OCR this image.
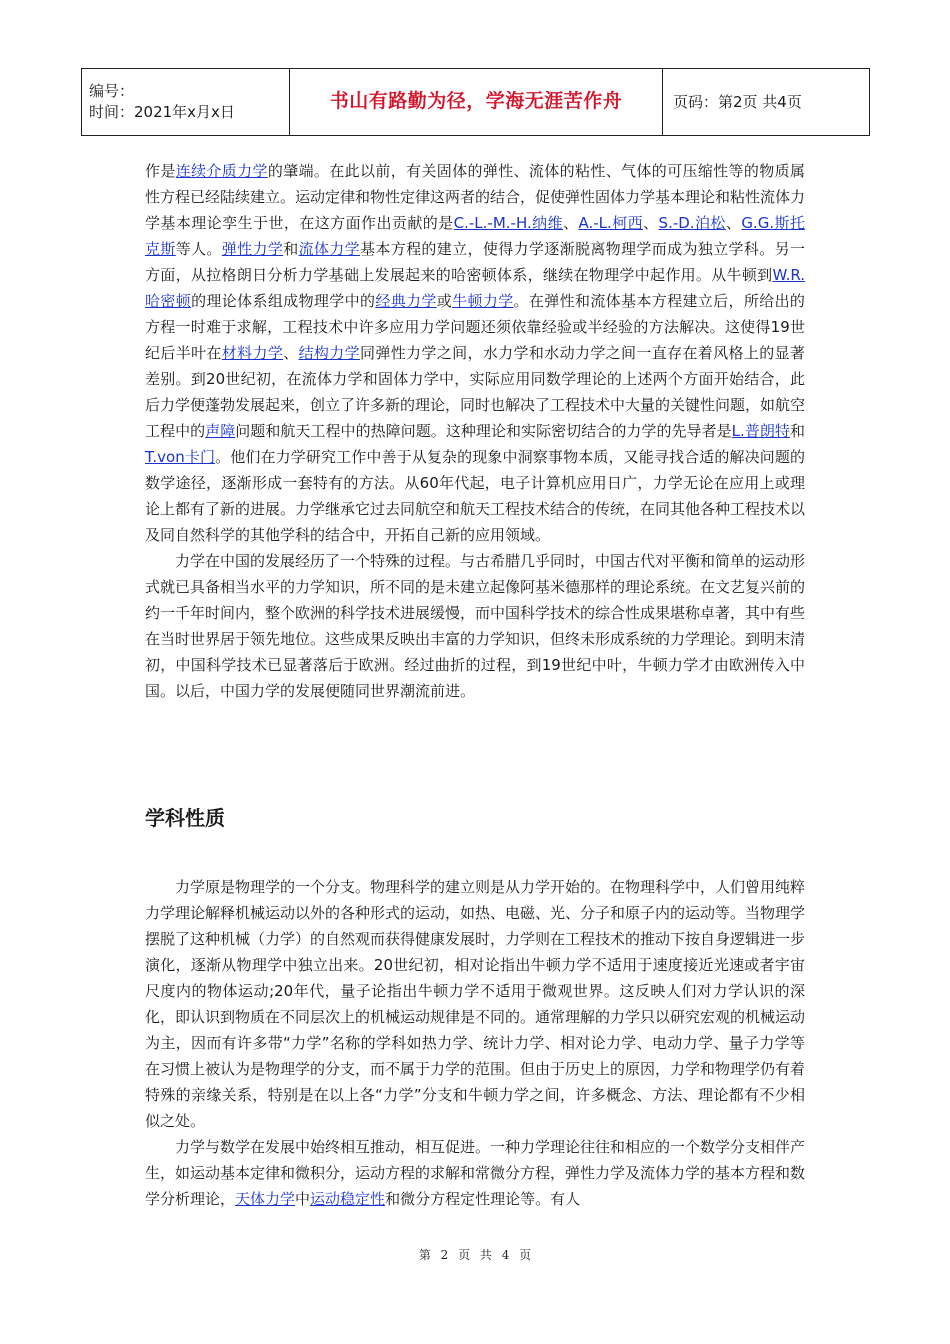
编号：
时间：2021年x月x日	书山有路勤为径，学海无涯苦作舟	页码：第2页 共4页

作是连续介质力学的肇端。在此以前，有关固体的弹性、流体的粘性、气体的可压缩性等的物质属性方程已经陆续建立。运动定律和物性定律这两者的结合，促使弹性固体力学基本理论和粘性流体力学基本理论孪生于世，在这方面作出贡献的是C.-L.-M.-H.纳维、A.-L.柯西、S.-D.泊松、G.G.斯托克斯等人。弹性力学和流体力学基本方程的建立，使得力学逐渐脱离物理学而成为独立学科。另一方面，从拉格朗日分析力学基础上发展起来的哈密顿体系，继续在物理学中起作用。从牛顿到W.R.哈密顿的理论体系组成物理学中的经典力学或牛顿力学。在弹性和流体基本方程建立后，所给出的方程一时难于求解，工程技术中许多应用力学问题还须依靠经验或半经验的方法解决。这使得19世纪后半叶在材料力学、结构力学同弹性力学之间，水力学和水动力学之间一直存在着风格上的显著差别。到20世纪初，在流体力学和固体力学中，实际应用同数学理论的上述两个方面开始结合，此后力学便蓬勃发展起来，创立了许多新的理论，同时也解决了工程技术中大量的关键性问题，如航空工程中的声障问题和航天工程中的热障问题。这种理论和实际密切结合的力学的先导者是L.普朗特和T.von卡门。他们在力学研究工作中善于从复杂的现象中洞察事物本质，又能寻找合适的解决问题的数学途径，逐渐形成一套特有的方法。从60年代起，电子计算机应用日广，力学无论在应用上或理论上都有了新的进展。力学继承它过去同航空和航天工程技术结合的传统，在同其他各种工程技术以及同自然科学的其他学科的结合中，开拓自己新的应用领域。

力学在中国的发展经历了一个特殊的过程。与古希腊几乎同时，中国古代对平衡和简单的运动形式就已具备相当水平的力学知识，所不同的是未建立起像阿基米德那样的理论系统。在文艺复兴前的约一千年时间内，整个欧洲的科学技术进展缓慢，而中国科学技术的综合性成果堪称卓著，其中有些在当时世界居于领先地位。这些成果反映出丰富的力学知识，但终未形成系统的力学理论。到明末清初，中国科学技术已显著落后于欧洲。经过曲折的过程，到19世纪中叶，牛顿力学才由欧洲传入中国。以后，中国力学的发展便随同世界潮流前进。

学科性质

力学原是物理学的一个分支。物理科学的建立则是从力学开始的。在物理科学中，人们曾用纯粹力学理论解释机械运动以外的各种形式的运动，如热、电磁、光、分子和原子内的运动等。当物理学摆脱了这种机械（力学）的自然观而获得健康发展时，力学则在工程技术的推动下按自身逻辑进一步演化，逐渐从物理学中独立出来。20世纪初，相对论指出牛顿力学不适用于速度接近光速或者宇宙尺度内的物体运动;20年代，量子论指出牛顿力学不适用于微观世界。这反映人们对力学认识的深化，即认识到物质在不同层次上的机械运动规律是不同的。通常理解的力学只以研究宏观的机械运动为主，因而有许多带“力学”名称的学科如热力学、统计力学、相对论力学、电动力学、量子力学等在习惯上被认为是物理学的分支，而不属于力学的范围。但由于历史上的原因，力学和物理学仍有着特殊的亲缘关系，特别是在以上各“力学”分支和牛顿力学之间，许多概念、方法、理论都有不少相似之处。

力学与数学在发展中始终相互推动，相互促进。一种力学理论往往和相应的一个数学分支相伴产生，如运动基本定律和微积分，运动方程的求解和常微分方程，弹性力学及流体力学的基本方程和数学分析理论，天体力学中运动稳定性和微分方程定性理论等。有人

第 2 页 共 4 页
